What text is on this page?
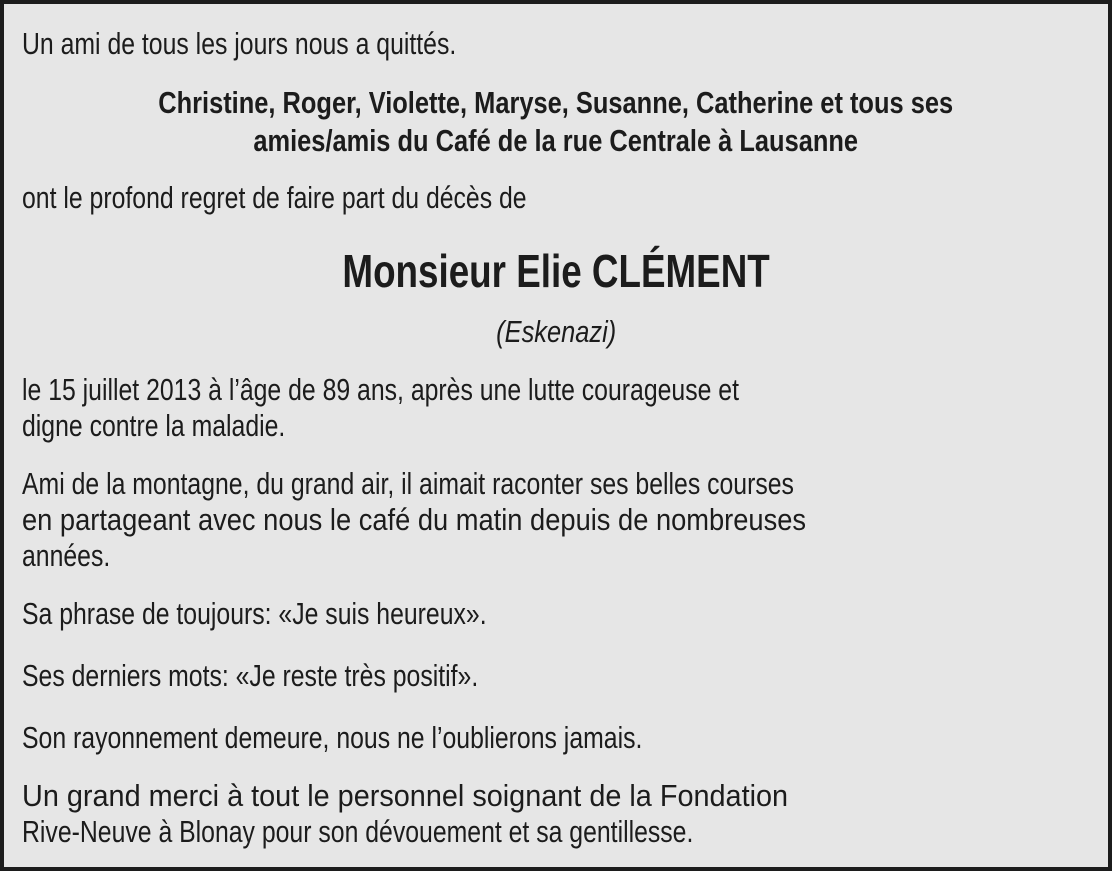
Un ami de tous les jours nous a quittés.
Christine, Roger, Violette, Maryse, Susanne, Catherine et tous ses
amies/amis du Café de la rue Centrale à Lausanne
ont le profond regret de faire part du décès de
Monsieur Elie CLÉMENT
(Eskenazi)
le 15 juillet 2013 à l’âge de 89 ans, après une lutte courageuse et
digne contre la maladie.
Ami de la montagne, du grand air, il aimait raconter ses belles courses
en partageant avec nous le café du matin depuis de nombreuses
années.
Sa phrase de toujours: «Je suis heureux».
Ses derniers mots: «Je reste très positif».
Son rayonnement demeure, nous ne l’oublierons jamais.
Un grand merci à tout le personnel soignant de la Fondation
Rive-Neuve à Blonay pour son dévouement et sa gentillesse.
